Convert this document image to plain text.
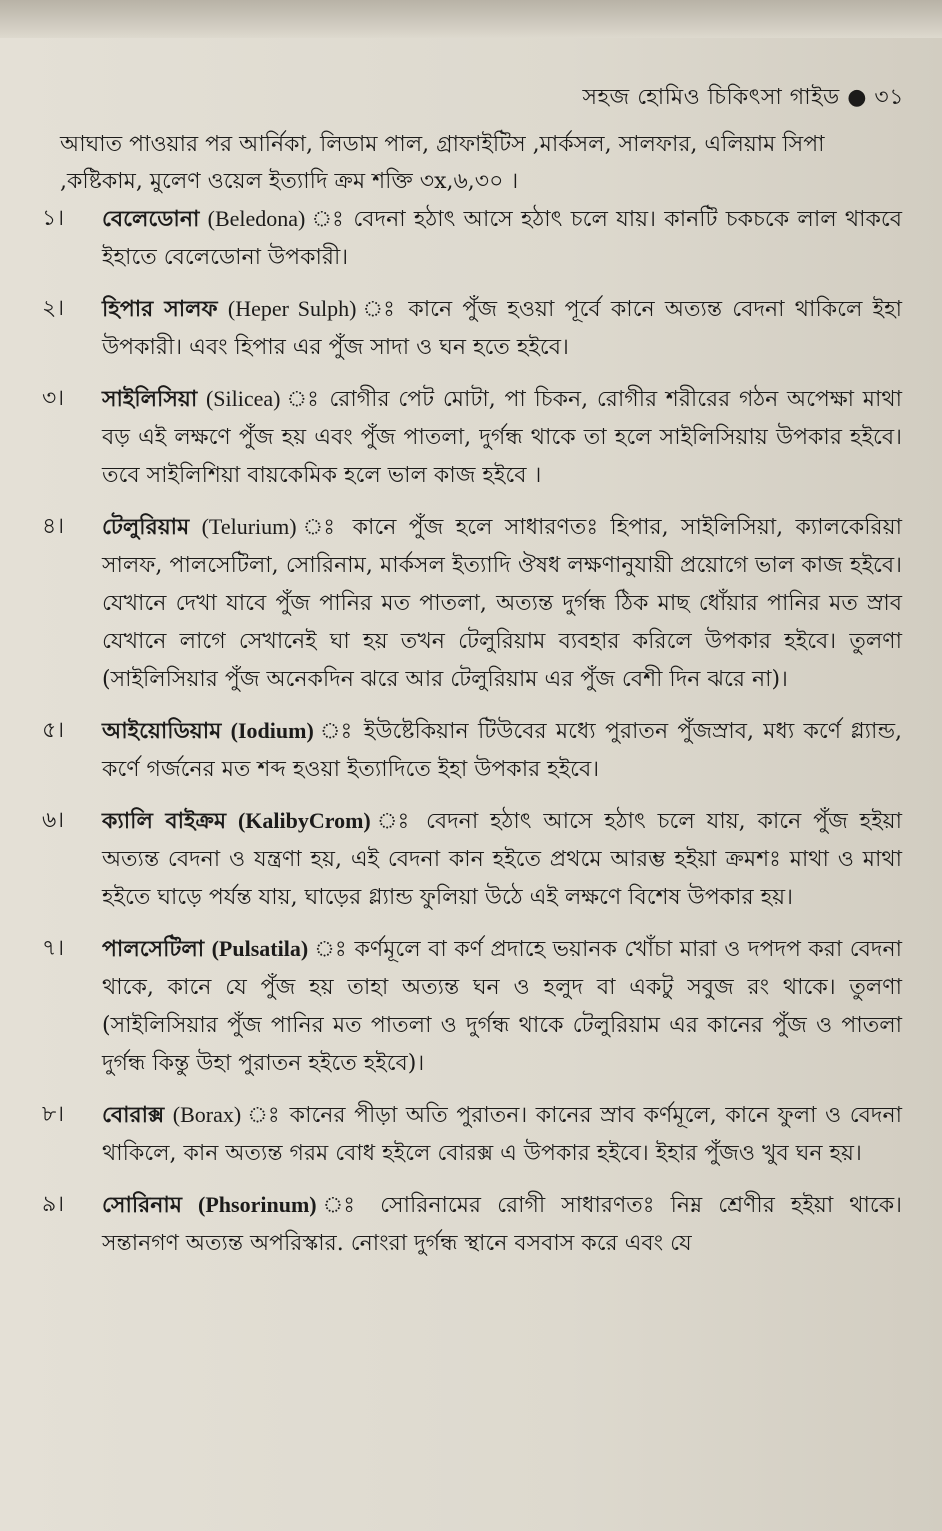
সহজ হোমিও চিকিৎসা গাইড ● ৩১
আঘাত পাওয়ার পর আর্নিকা, লিডাম পাল, গ্রাফাইটিস ,মার্কসল, সালফার, এলিয়াম সিপা ,কষ্টিকাম, মুলেণ ওয়েল ইত্যাদি ক্রম শক্তি ৩x,৬,৩০ ।
১।	বেলেডোনা (Beledona) ঃ বেদনা হঠাৎ আসে হঠাৎ চলে যায়। কানটি চকচকে লাল থাকবে ইহাতে বেলেডোনা উপকারী।
২।	হিপার সালফ (Heper Sulph) ঃ কানে পুঁজ হওয়া পূর্বে কানে অত্যন্ত বেদনা থাকিলে ইহা উপকারী। এবং হিপার এর পুঁজ সাদা ও ঘন হতে হইবে।
৩।	সাইলিসিয়া (Silicea) ঃ রোগীর পেট মোটা, পা চিকন, রোগীর শরীরের গঠন অপেক্ষা মাথা বড় এই লক্ষণে পুঁজ হয় এবং পুঁজ পাতলা, দুর্গন্ধ থাকে তা হলে সাইলিসিয়ায় উপকার হইবে। তবে সাইলিশিয়া বায়কেমিক হলে ভাল কাজ হইবে ।
৪।	টেলুরিয়াম (Telurium) ঃ কানে পুঁজ হলে সাধারণতঃ হিপার, সাইলিসিয়া, ক্যালকেরিয়া সালফ, পালসেটিলা, সোরিনাম, মার্কসল ইত্যাদি ঔষধ লক্ষণানুযায়ী প্রয়োগে ভাল কাজ হইবে। যেখানে দেখা যাবে পুঁজ পানির মত পাতলা, অত্যন্ত দুর্গন্ধ ঠিক মাছ ধোঁয়ার পানির মত স্রাব যেখানে লাগে সেখানেই ঘা হয় তখন টেলুরিয়াম ব্যবহার করিলে উপকার হইবে। তুলণা (সাইলিসিয়ার পুঁজ অনেকদিন ঝরে আর টেলুরিয়াম এর পুঁজ বেশী দিন ঝরে না)।
৫।	আইয়োডিয়াম (Iodium) ঃ ইউষ্টেকিয়ান টিউবের মধ্যে পুরাতন পুঁজস্রাব, মধ্য কর্ণে গ্ল্যান্ড, কর্ণে গর্জনের মত শব্দ হওয়া ইত্যাদিতে ইহা উপকার হইবে।
৬।	ক্যালি বাইক্রম (KalibyCrom) ঃ বেদনা হঠাৎ আসে হঠাৎ চলে যায়, কানে পুঁজ হইয়া অত্যন্ত বেদনা ও যন্ত্রণা হয়, এই বেদনা কান হইতে প্রথমে আরম্ভ হইয়া ক্রমশঃ মাথা ও মাথা হইতে ঘাড়ে পর্যন্ত যায়, ঘাড়ের গ্ল্যান্ড ফুলিয়া উঠে এই লক্ষণে বিশেষ উপকার হয়।
৭।	পালসেটিলা (Pulsatila) ঃ কর্ণমূলে বা কর্ণ প্রদাহে ভয়ানক খোঁচা মারা ও দপদপ করা বেদনা থাকে, কানে যে পুঁজ হয় তাহা অত্যন্ত ঘন ও হলুদ বা একটু সবুজ রং থাকে। তুলণা (সাইলিসিয়ার পুঁজ পানির মত পাতলা ও দুর্গন্ধ থাকে টেলুরিয়াম এর কানের পুঁজ ও পাতলা দুর্গন্ধ কিন্তু উহা পুরাতন হইতে হইবে)।
৮।	বোরাক্স (Borax) ঃ কানের পীড়া অতি পুরাতন। কানের স্রাব কর্ণমূলে, কানে ফুলা ও বেদনা থাকিলে, কান অত্যন্ত গরম বোধ হইলে বোরক্স এ উপকার হইবে। ইহার পুঁজও খুব ঘন হয়।
৯।	সোরিনাম (Phsorinum) ঃ সোরিনামের রোগী সাধারণতঃ নিম্ন শ্রেণীর হইয়া থাকে। সন্তানগণ অত্যন্ত অপরিস্কার. নোংরা দুর্গন্ধ স্থানে বসবাস করে এবং যে
